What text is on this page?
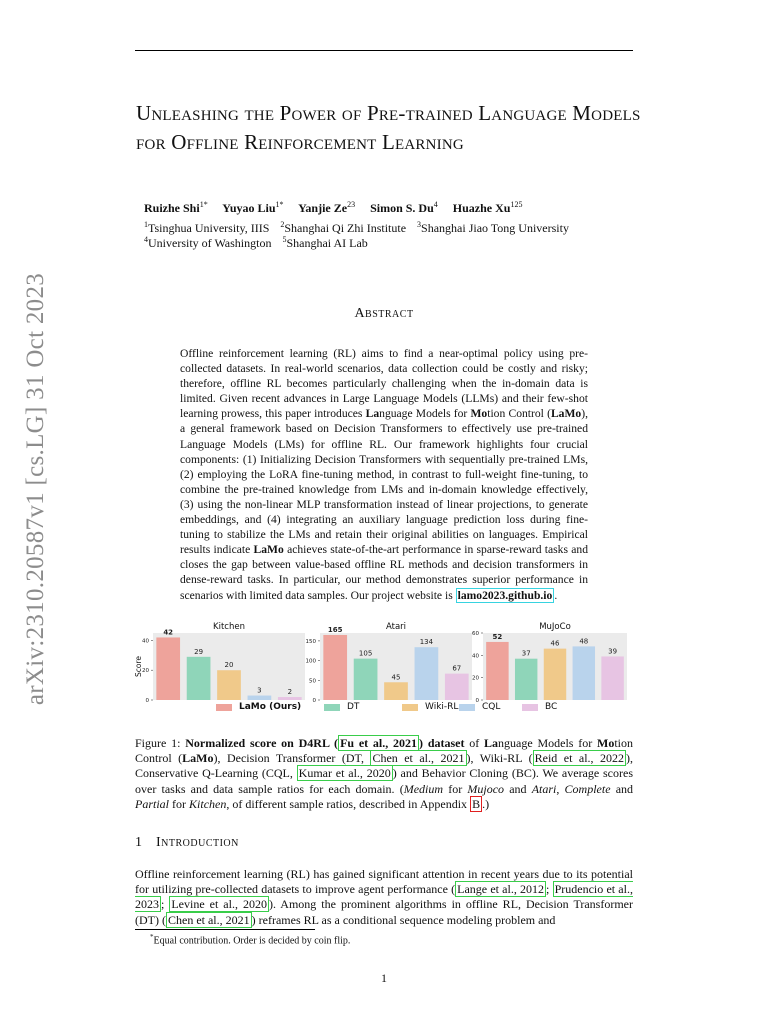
arXiv:2310.20587v1 [cs.LG] 31 Oct 2023
Unleashing the Power of Pre-trained Language Models for Offline Reinforcement Learning
Ruizhe Shi$^{1*}$ Yuyao Liu$^{1*}$ Yanjie Ze$^{23}$ Simon S. Du$^4$ Huazhe Xu$^{125}$
$^1$Tsinghua University, IIIS $^2$Shanghai Qi Zhi Institute $^3$Shanghai Jiao Tong University
$^4$University of Washington $^5$Shanghai AI Lab
Abstract
Offline reinforcement learning (RL) aims to find a near-optimal policy using pre-collected datasets. In real-world scenarios, data collection could be costly and risky; therefore, offline RL becomes particularly challenging when the in-domain data is limited. Given recent advances in Large Language Models (LLMs) and their few-shot learning prowess, this paper introduces Language Models for Motion Control (LaMo), a general framework based on Decision Transformers to effectively use pre-trained Language Models (LMs) for offline RL. Our framework highlights four crucial components: (1) Initializing Decision Transformers with sequentially pre-trained LMs, (2) employing the LoRA fine-tuning method, in contrast to full-weight fine-tuning, to combine the pre-trained knowledge from LMs and in-domain knowledge effectively, (3) using the non-linear MLP transformation instead of linear projections, to generate embeddings, and (4) integrating an auxiliary language prediction loss during fine-tuning to stabilize the LMs and retain their original abilities on languages. Empirical results indicate LaMo achieves state-of-the-art performance in sparse-reward tasks and closes the gap between value-based offline RL methods and decision transformers in dense-reward tasks. In particular, our method demonstrates superior performance in scenarios with limited data samples. Our project website is lamo2023.github.io .
0
20
40
42
29
20
3	2
Kitchen
Score
0
50
100
150
165
105
45
134
67
Atari
0
20
40
60 52
37
46	48
39
MuJoCo
LaMo (Ours)	DT	Wiki-RL	CQL	BC
Figure 1: Normalized score on D4RL ( Fu et al., 2021 ) dataset of Language Models for Motion Control (LaMo), Decision Transformer (DT, Chen et al., 2021 ), Wiki-RL ( Reid et al., 2022 ), Conservative Q-Learning (CQL, Kumar et al., 2020 ) and Behavior Cloning (BC). We average scores over tasks and data sample ratios for each domain. (Medium for Mujoco and Atari, Complete and Partial for Kitchen, of different sample ratios, described in Appendix B .)
1 Introduction
Offline reinforcement learning (RL) has gained significant attention in recent years due to its potential for utilizing pre-collected datasets to improve agent performance ( Lange et al., 2012 ; Prudencio et al., 2023 ; Levine et al., 2020 ). Among the prominent algorithms in offline RL, Decision Transformer (DT) ( Chen et al., 2021 ) reframes RL as a conditional sequence modeling problem and
*Equal contribution. Order is decided by coin flip.
1
